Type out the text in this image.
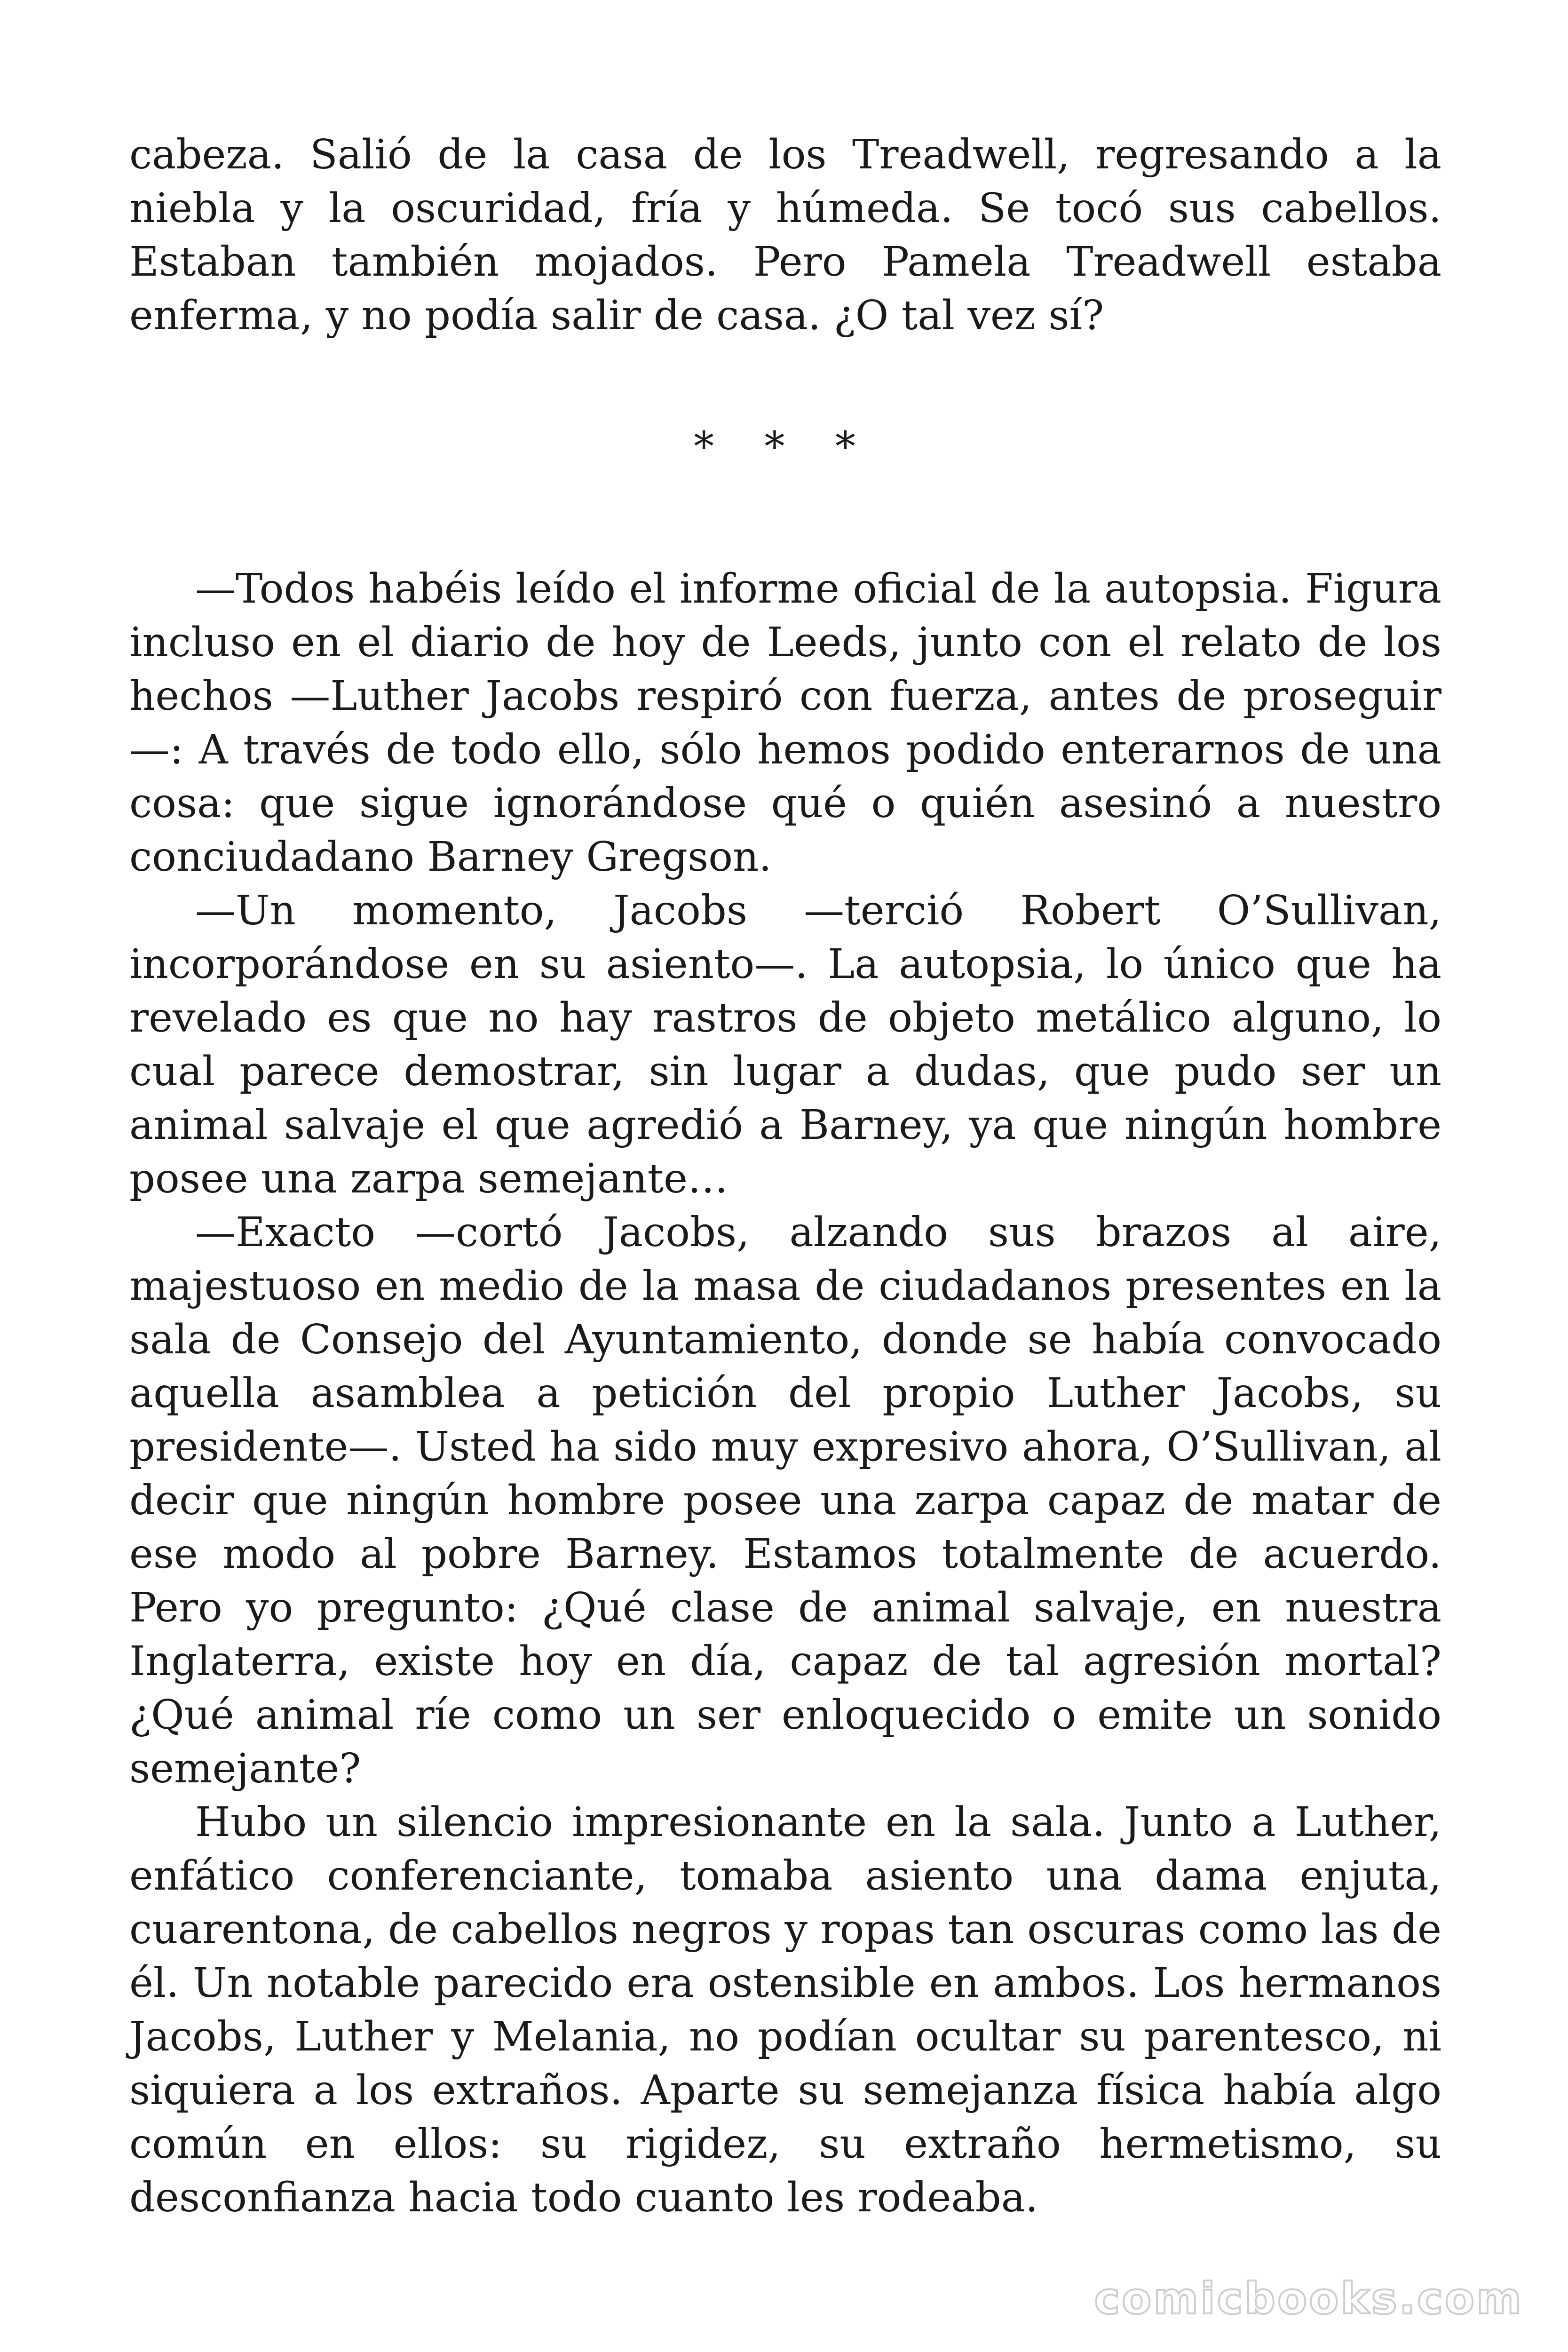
cabeza. Salió de la casa de los Treadwell, regresando a la niebla y la oscuridad, fría y húmeda. Se tocó sus cabellos. Estaban también mojados. Pero Pamela Treadwell estaba enferma, y no podía salir de casa. ¿O tal vez sí?

* * *

—Todos habéis leído el informe oficial de la autopsia. Figura incluso en el diario de hoy de Leeds, junto con el relato de los hechos —Luther Jacobs respiró con fuerza, antes de proseguir—: A través de todo ello, sólo hemos podido enterarnos de una cosa: que sigue ignorándose qué o quién asesinó a nuestro conciudadano Barney Gregson.

—Un momento, Jacobs —terció Robert O’Sullivan, incorporándose en su asiento—. La autopsia, lo único que ha revelado es que no hay rastros de objeto metálico alguno, lo cual parece demostrar, sin lugar a dudas, que pudo ser un animal salvaje el que agredió a Barney, ya que ningún hombre posee una zarpa semejante…

—Exacto —cortó Jacobs, alzando sus brazos al aire, majestuoso en medio de la masa de ciudadanos presentes en la sala de Consejo del Ayuntamiento, donde se había convocado aquella asamblea a petición del propio Luther Jacobs, su presidente—. Usted ha sido muy expresivo ahora, O’Sullivan, al decir que ningún hombre posee una zarpa capaz de matar de ese modo al pobre Barney. Estamos totalmente de acuerdo. Pero yo pregunto: ¿Qué clase de animal salvaje, en nuestra Inglaterra, existe hoy en día, capaz de tal agresión mortal? ¿Qué animal ríe como un ser enloquecido o emite un sonido semejante?

Hubo un silencio impresionante en la sala. Junto a Luther, enfático conferenciante, tomaba asiento una dama enjuta, cuarentona, de cabellos negros y ropas tan oscuras como las de él. Un notable parecido era ostensible en ambos. Los hermanos Jacobs, Luther y Melania, no podían ocultar su parentesco, ni siquiera a los extraños. Aparte su semejanza física había algo común en ellos: su rigidez, su extraño hermetismo, su desconfianza hacia todo cuanto les rodeaba.

comicbooks.com
